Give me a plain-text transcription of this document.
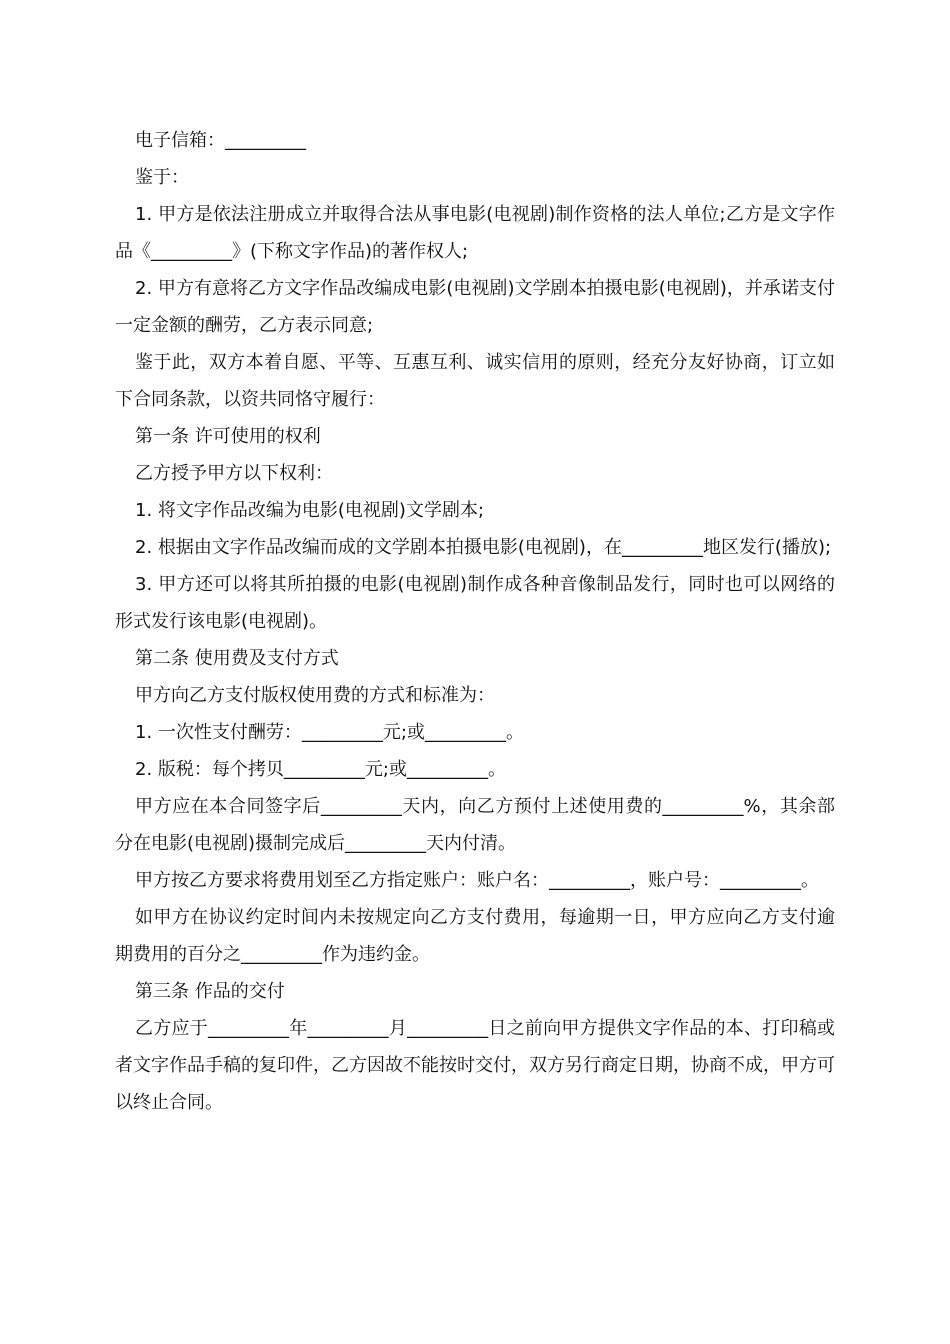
电子信箱：_________

鉴于：

1. 甲方是依法注册成立并取得合法从事电影(电视剧)制作资格的法人单位;乙方是文字作品《_________》(下称文字作品)的著作权人;

2. 甲方有意将乙方文字作品改编成电影(电视剧)文学剧本拍摄电影(电视剧)，并承诺支付一定金额的酬劳，乙方表示同意;

鉴于此，双方本着自愿、平等、互惠互利、诚实信用的原则，经充分友好协商，订立如下合同条款，以资共同恪守履行：

第一条 许可使用的权利

乙方授予甲方以下权利：

1. 将文字作品改编为电影(电视剧)文学剧本;

2. 根据由文字作品改编而成的文学剧本拍摄电影(电视剧)，在_________地区发行(播放);

3. 甲方还可以将其所拍摄的电影(电视剧)制作成各种音像制品发行，同时也可以网络的形式发行该电影(电视剧)。

第二条 使用费及支付方式

甲方向乙方支付版权使用费的方式和标准为：

1. 一次性支付酬劳：_________元;或_________。

2. 版税：每个拷贝_________元;或_________。

甲方应在本合同签字后_________天内，向乙方预付上述使用费的_________%，其余部分在电影(电视剧)摄制完成后_________天内付清。

甲方按乙方要求将费用划至乙方指定账户：账户名：_________，账户号：_________。

如甲方在协议约定时间内未按规定向乙方支付费用，每逾期一日，甲方应向乙方支付逾期费用的百分之_________作为违约金。

第三条 作品的交付

乙方应于_________年_________月_________日之前向甲方提供文字作品的本、打印稿或者文字作品手稿的复印件，乙方因故不能按时交付，双方另行商定日期，协商不成，甲方可以终止合同。
